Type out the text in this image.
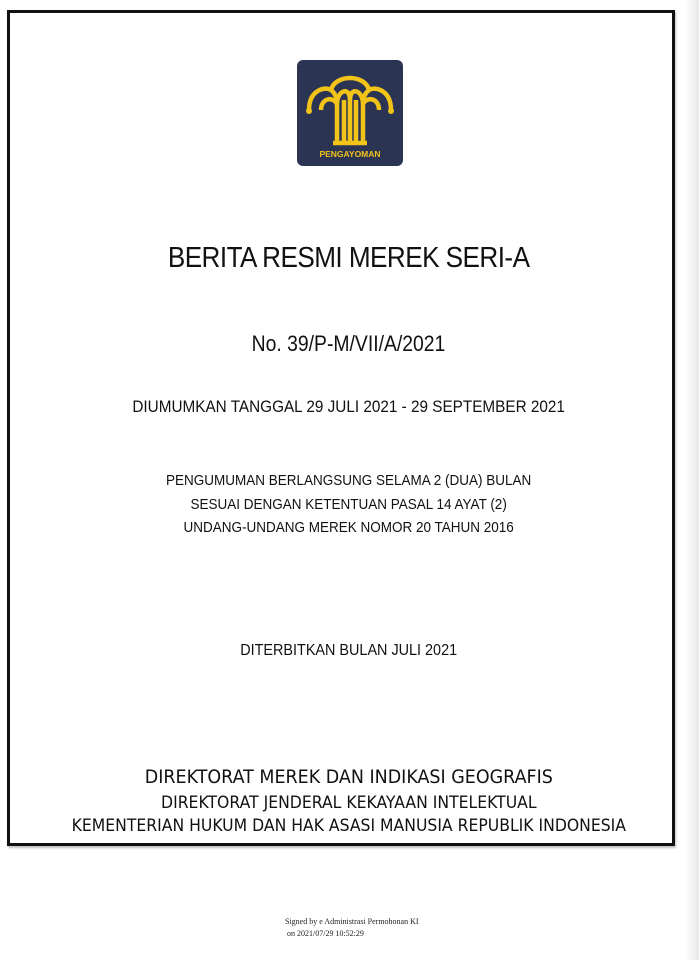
PENGAYOMAN
BERITA RESMI MEREK SERI-A
No. 39/P-M/VII/A/2021
DIUMUMKAN TANGGAL 29 JULI 2021 - 29 SEPTEMBER 2021
PENGUMUMAN BERLANGSUNG SELAMA 2 (DUA) BULAN
SESUAI DENGAN KETENTUAN PASAL 14 AYAT (2)
UNDANG-UNDANG MEREK NOMOR 20 TAHUN 2016
DITERBITKAN BULAN JULI 2021
DIREKTORAT MEREK DAN INDIKASI GEOGRAFIS
DIREKTORAT JENDERAL KEKAYAAN INTELEKTUAL
KEMENTERIAN HUKUM DAN HAK ASASI MANUSIA REPUBLIK INDONESIA
Signed by e Administrasi Permohonan KI
on 2021/07/29 10:52:29
